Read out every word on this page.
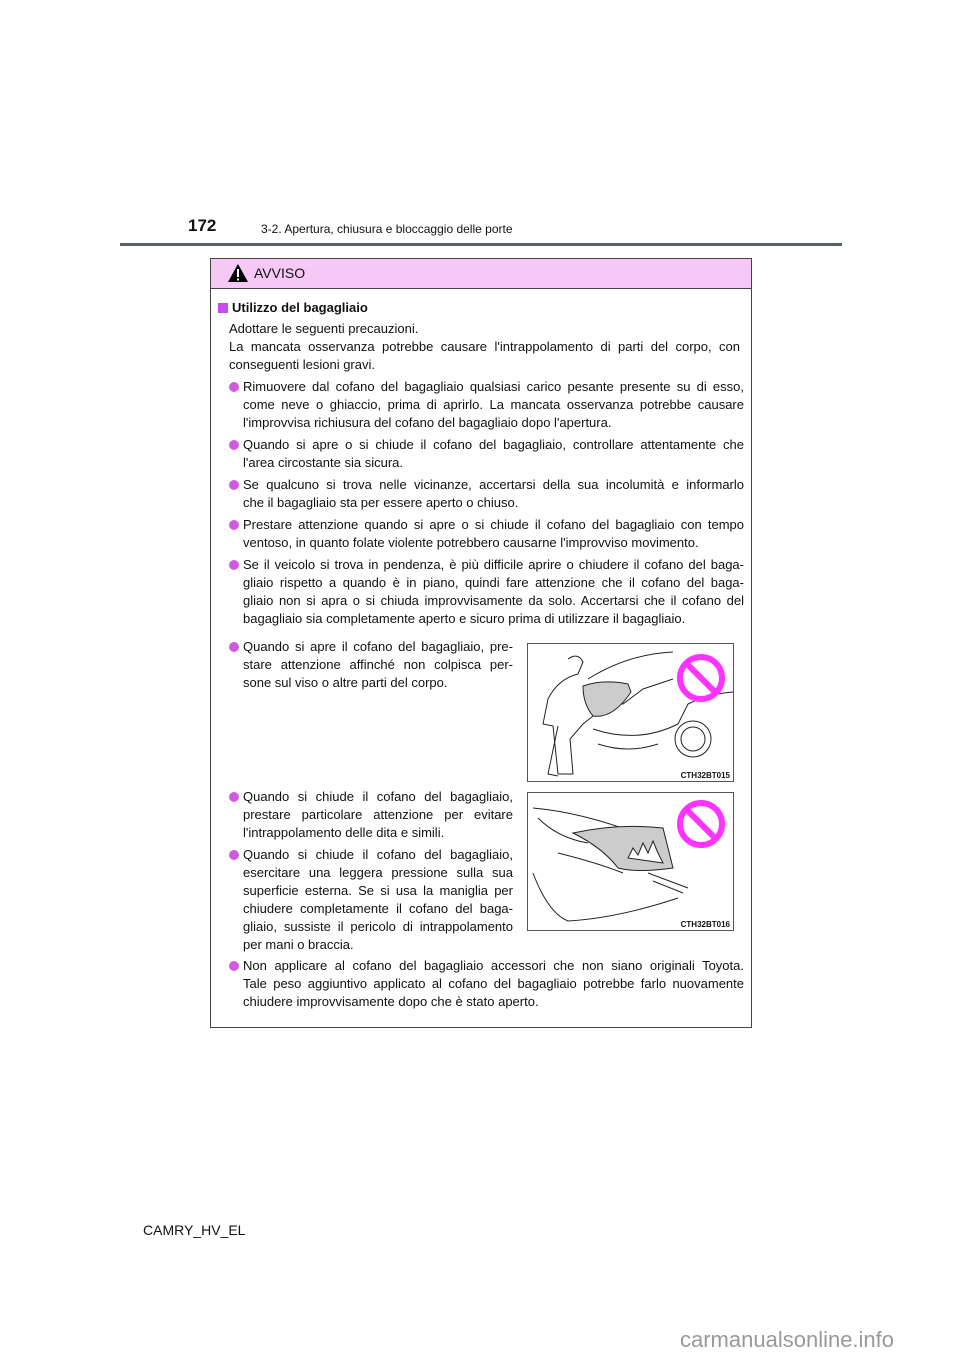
172	3-2. Apertura, chiusura e bloccaggio delle porte
AVVISO
Utilizzo del bagagliaio
Adottare le seguenti precauzioni.
La mancata osservanza potrebbe causare l'intrappolamento di parti del corpo, con
conseguenti lesioni gravi.
Rimuovere dal cofano del bagagliaio qualsiasi carico pesante presente su di esso,
come neve o ghiaccio, prima di aprirlo. La mancata osservanza potrebbe causare
l'improvvisa richiusura del cofano del bagagliaio dopo l'apertura.
Quando si apre o si chiude il cofano del bagagliaio, controllare attentamente che
l'area circostante sia sicura.
Se qualcuno si trova nelle vicinanze, accertarsi della sua incolumità e informarlo
che il bagagliaio sta per essere aperto o chiuso.
Prestare attenzione quando si apre o si chiude il cofano del bagagliaio con tempo
ventoso, in quanto folate violente potrebbero causarne l'improvviso movimento.
Se il veicolo si trova in pendenza, è più difficile aprire o chiudere il cofano del baga-
gliaio rispetto a quando è in piano, quindi fare attenzione che il cofano del baga-
gliaio non si apra o si chiuda improvvisamente da solo. Accertarsi che il cofano del
bagagliaio sia completamente aperto e sicuro prima di utilizzare il bagagliaio.
Quando si apre il cofano del bagagliaio, pre-
stare attenzione affinché non colpisca per-
sone sul viso o altre parti del corpo.
Quando si chiude il cofano del bagagliaio,
prestare particolare attenzione per evitare
l'intrappolamento delle dita e simili.
Quando si chiude il cofano del bagagliaio,
esercitare una leggera pressione sulla sua
superficie esterna. Se si usa la maniglia per
chiudere completamente il cofano del baga-
gliaio, sussiste il pericolo di intrappolamento
per mani o braccia.
Non applicare al cofano del bagagliaio accessori che non siano originali Toyota.
Tale peso aggiuntivo applicato al cofano del bagagliaio potrebbe farlo nuovamente
chiudere improvvisamente dopo che è stato aperto.
CTH32BT015
CTH32BT016
CAMRY_HV_EL
carmanualsonline.info
